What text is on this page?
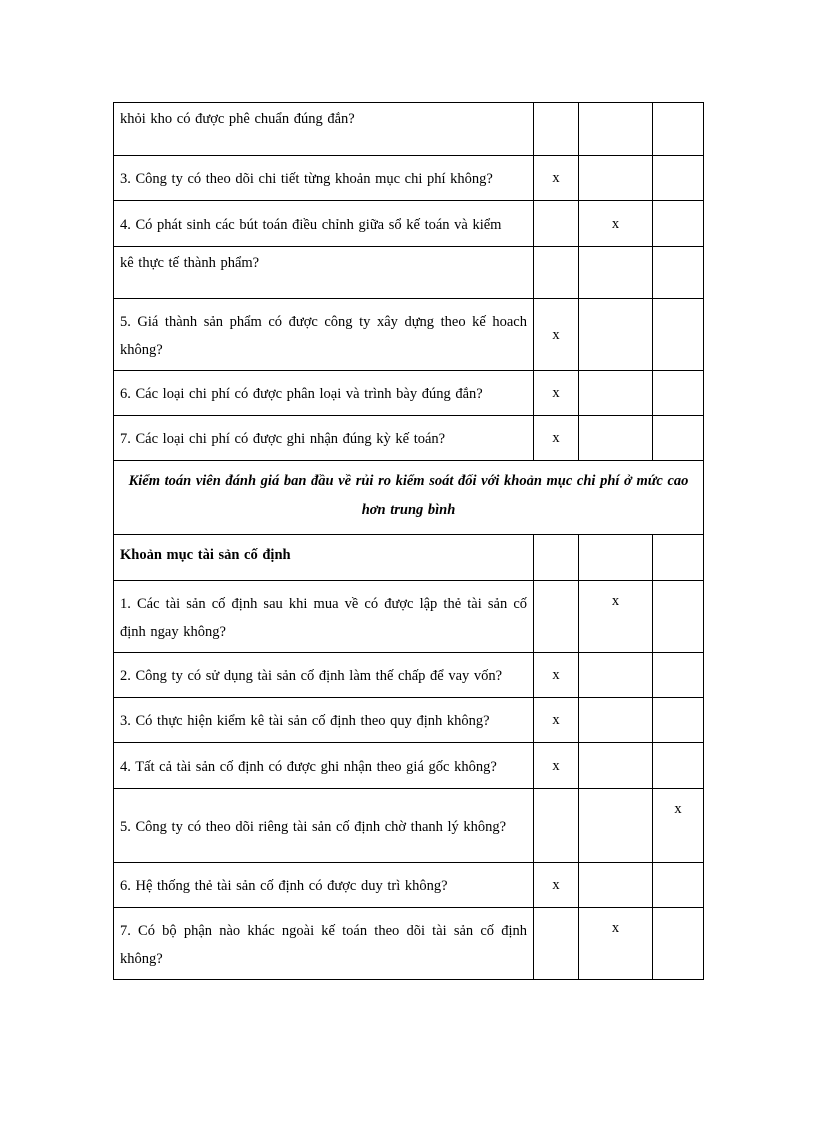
khỏi kho có được phê chuẩn đúng đắn?			

3. Công ty có theo dõi chi tiết từng khoản mục chi phí không?	x		

4. Có phát sinh các bút toán điều chỉnh giữa sổ kế toán và kiểm		x	

kê thực tế thành phẩm?			

5. Giá thành sản phẩm có được công ty xây dựng theo kế hoach không?	x		

6. Các loại chi phí có được phân loại và trình bày đúng đắn?	x		

7. Các loại chi phí có được ghi nhận đúng kỳ kế toán?	x		
Kiểm toán viên đánh giá ban đầu về rủi ro kiểm soát đối với khoản mục chi phí ở mức cao hơn trung bình			
Khoản mục tài sản cố định			

1. Các tài sản cố định sau khi mua về có được lập thẻ tài sản cố định ngay không?		x	

2. Công ty có sử dụng tài sản cố định làm thế chấp để vay vốn?	x		

3. Có thực hiện kiểm kê tài sản cố định theo quy định không?	x		

4. Tất cả tài sản cố định có được ghi nhận theo giá gốc không?	x		

5. Công ty có theo dõi riêng tài sản cố định chờ thanh lý không?			x

6. Hệ thống thẻ tài sản cố định có được duy trì không?	x		

7. Có bộ phận nào khác ngoài kế toán theo dõi tài sản cố định không?		x	
